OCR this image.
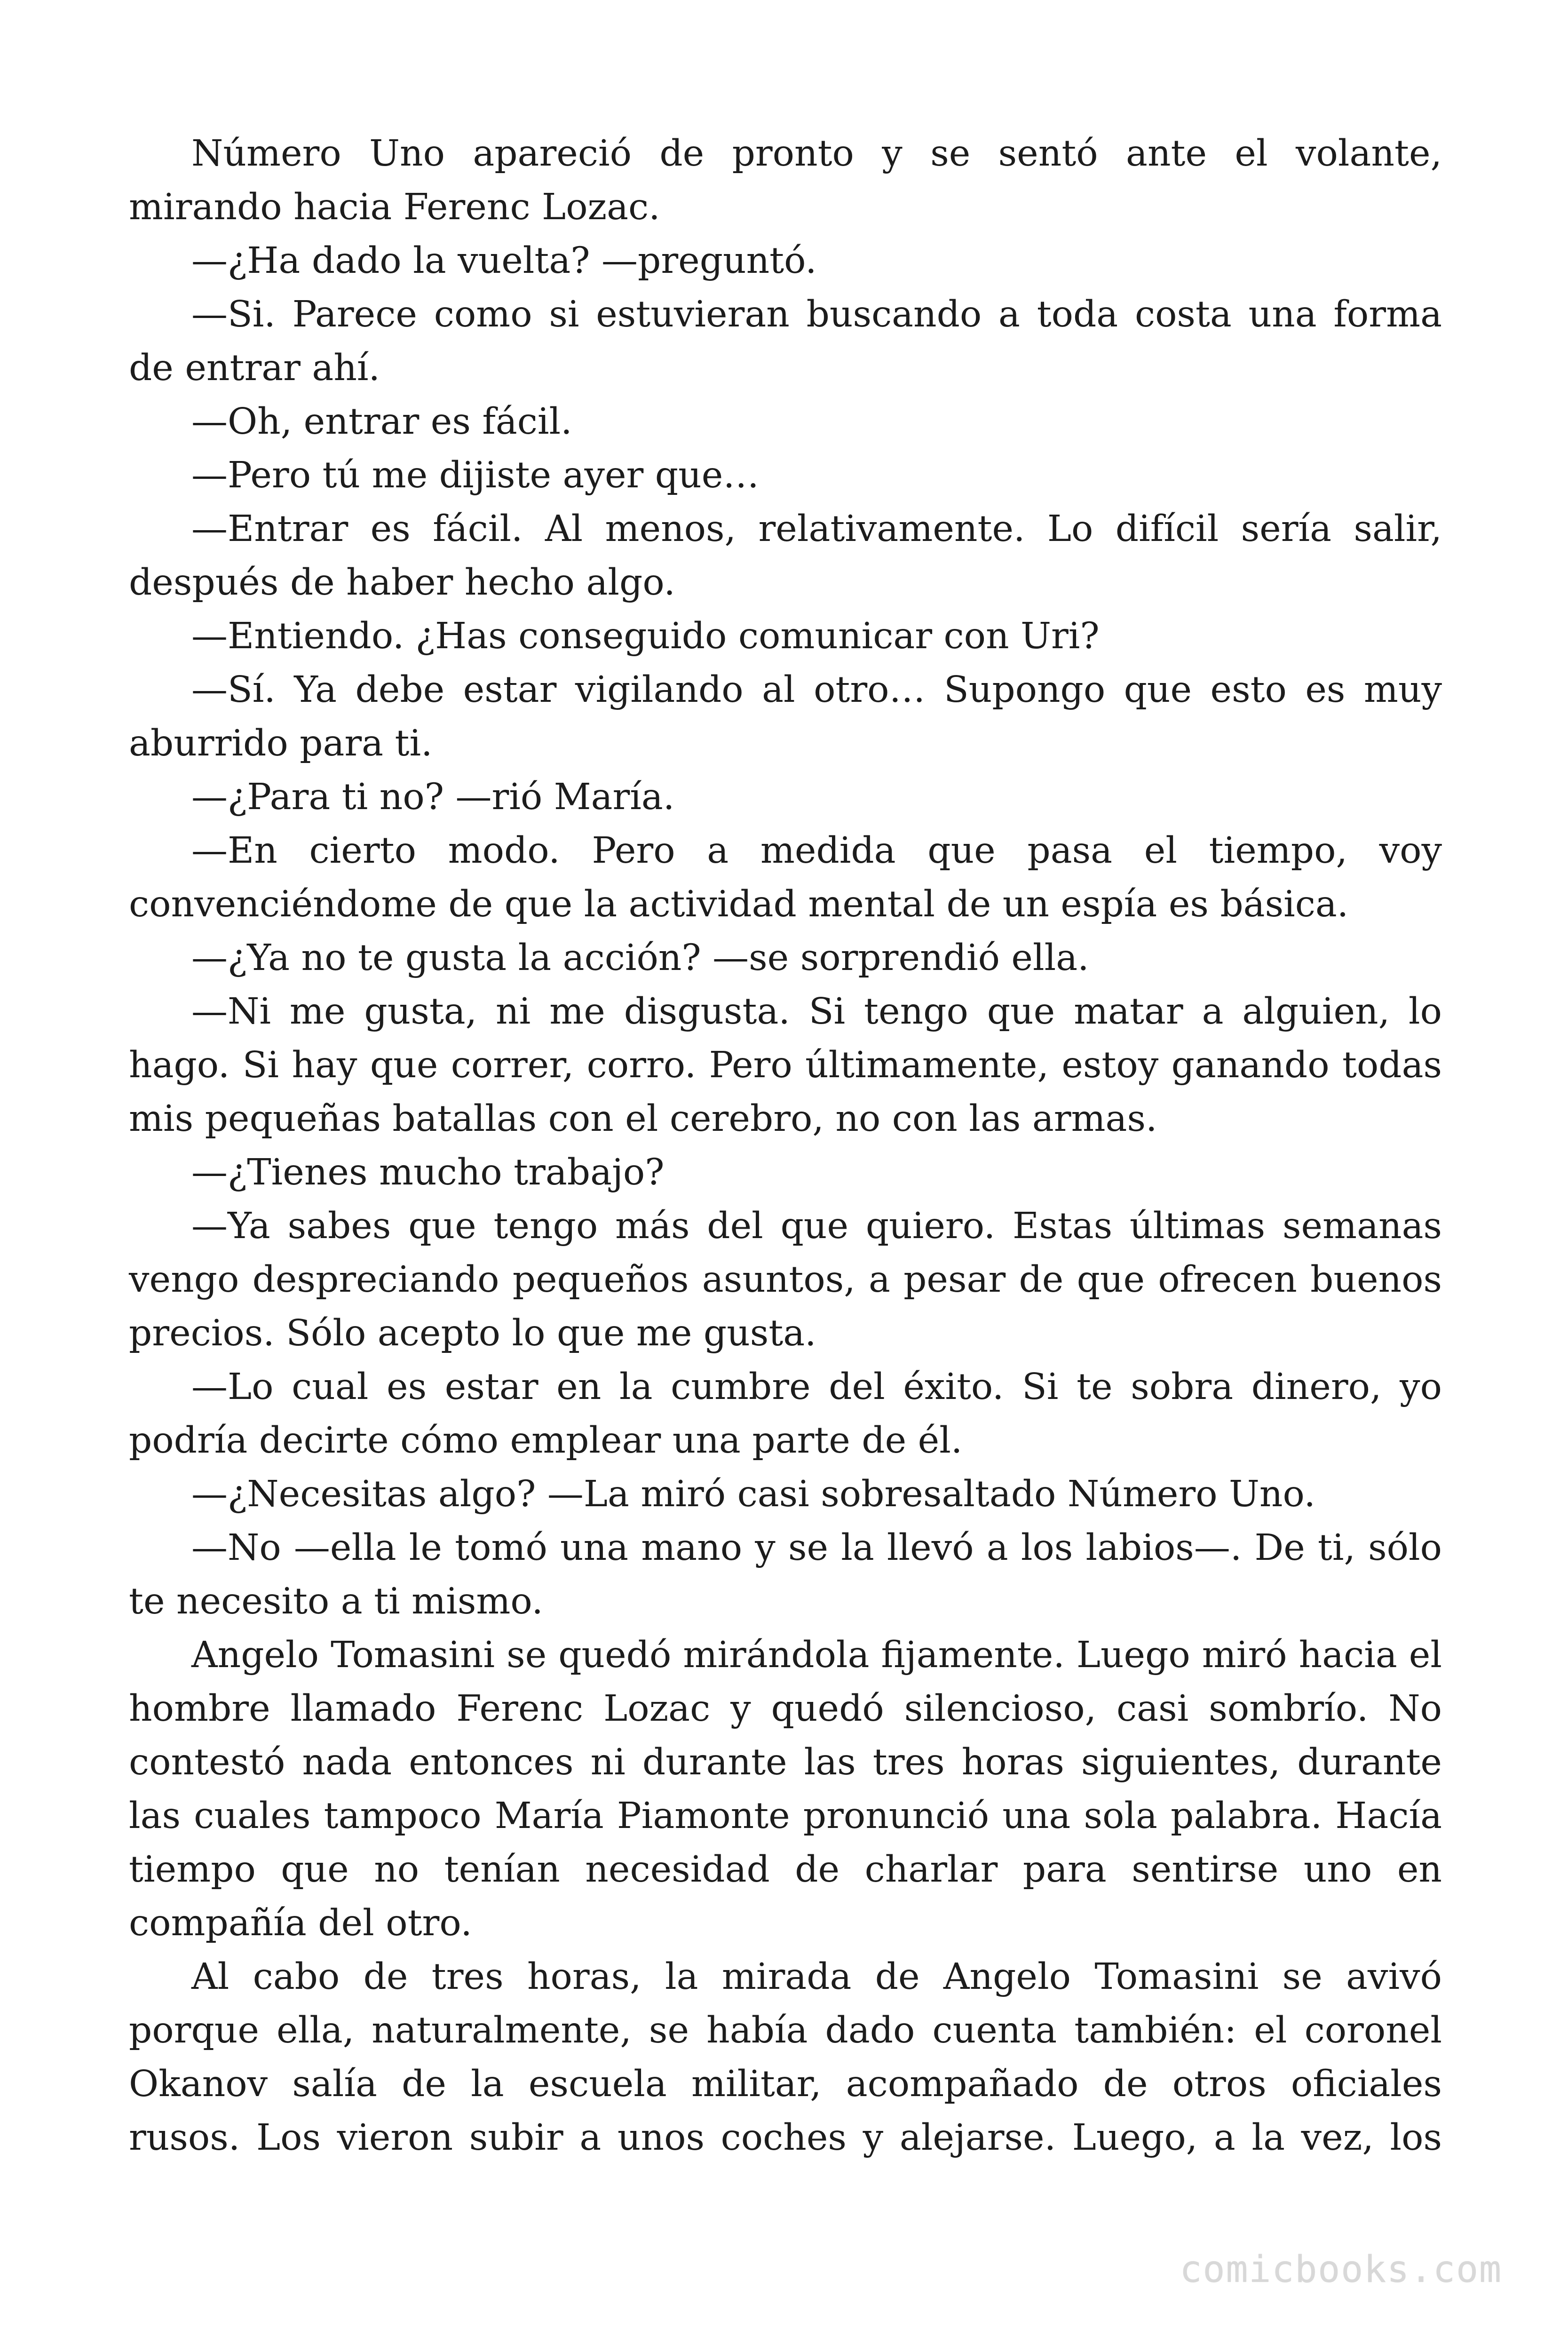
Número Uno apareció de pronto y se sentó ante el volante, mirando hacia Ferenc Lozac.

—¿Ha dado la vuelta? —preguntó.

—Si. Parece como si estuvieran buscando a toda costa una forma de entrar ahí.

—Oh, entrar es fácil.

—Pero tú me dijiste ayer que…

—Entrar es fácil. Al menos, relativamente. Lo difícil sería salir, después de haber hecho algo.

—Entiendo. ¿Has conseguido comunicar con Uri?

—Sí. Ya debe estar vigilando al otro… Supongo que esto es muy aburrido para ti.

—¿Para ti no? —rió María.

—En cierto modo. Pero a medida que pasa el tiempo, voy convenciéndome de que la actividad mental de un espía es básica.

—¿Ya no te gusta la acción? —se sorprendió ella.

—Ni me gusta, ni me disgusta. Si tengo que matar a alguien, lo hago. Si hay que correr, corro. Pero últimamente, estoy ganando todas mis pequeñas batallas con el cerebro, no con las armas.

—¿Tienes mucho trabajo?

—Ya sabes que tengo más del que quiero. Estas últimas semanas vengo despreciando pequeños asuntos, a pesar de que ofrecen buenos precios. Sólo acepto lo que me gusta.

—Lo cual es estar en la cumbre del éxito. Si te sobra dinero, yo podría decirte cómo emplear una parte de él.

—¿Necesitas algo? —La miró casi sobresaltado Número Uno.

—No —ella le tomó una mano y se la llevó a los labios—. De ti, sólo te necesito a ti mismo.

Angelo Tomasini se quedó mirándola fijamente. Luego miró hacia el hombre llamado Ferenc Lozac y quedó silencioso, casi sombrío. No contestó nada entonces ni durante las tres horas siguientes, durante las cuales tampoco María Piamonte pronunció una sola palabra. Hacía tiempo que no tenían necesidad de charlar para sentirse uno en compañía del otro.

Al cabo de tres horas, la mirada de Angelo Tomasini se avivó porque ella, naturalmente, se había dado cuenta también: el coronel Okanov salía de la escuela militar, acompañado de otros oficiales rusos. Los vieron subir a unos coches y alejarse. Luego, a la vez, los

comicbooks.com
